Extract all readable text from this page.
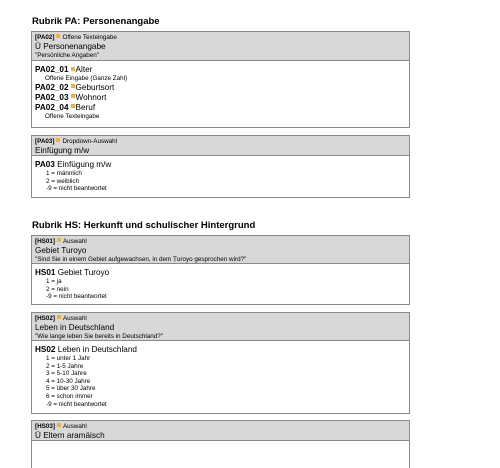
Rubrik PA: Personenangabe
[PA02] Offene Texteingabe
Ü Personenangabe
"Persönliche Angaben"
PA02_01 Alter
Offene Eingabe (Ganze Zahl)
PA02_02 Geburtsort
PA02_03 Wohnort
PA02_04 Beruf
Offene Texteingabe
[PA03] Dropdown-Auswahl
Einfügung m/w
PA03 Einfügung m/w
1 = männlich
2 = weiblich
-9 = nicht beantwortet
Rubrik HS: Herkunft und schulischer Hintergrund
[HS01] Auswahl
Gebiet Turoyo
"Sind Sie in einem Gebiet aufgewachsen, in dem Ṭuroyo gesprochen wird?"
HS01 Gebiet Turoyo
1 = ja
2 = nein
-9 = nicht beantwortet
[HS02] Auswahl
Leben in Deutschland
"Wie lange leben Sie bereits in Deutschland?"
HS02 Leben in Deutschland
1 = unter 1 Jahr
2 = 1-5 Jahre
3 = 5-10 Jahre
4 = 10-30 Jahre
5 = über 30 Jahre
6 = schon immer
-9 = nicht beantwortet
[HS03] Auswahl
Ü Eltern aramäisch
